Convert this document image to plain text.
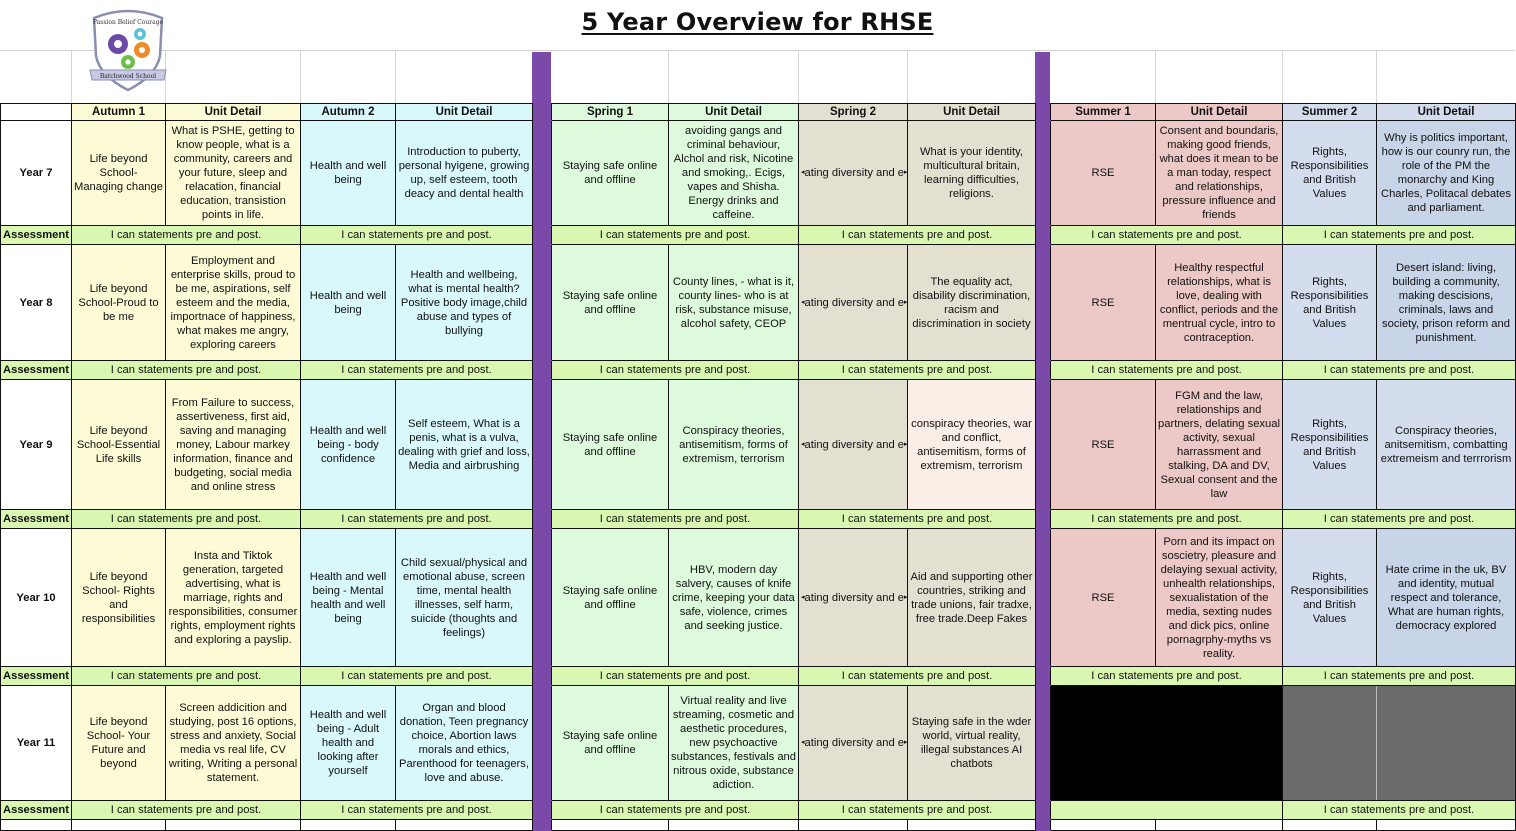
5 Year Overview for RHSE
Passion Belief Courage
Batchwood School
	Autumn 1	Unit Detail	Autumn 2	Unit Detail		Spring 1	Unit Detail	Spring 2	Unit Detail		Summer 1	Unit Detail	Summer 2	Unit Detail
Year 7	Life beyond School- Managing change	What is PSHE, getting to know people, what is a community, careers and your future, sleep and relacation, financial education, transistion points in life.	Health and well being	Introduction to puberty, personal hyigene, growing up, self esteem, tooth deacy and dental health		Staying safe online and offline	avoiding gangs and criminal behaviour, Alchol and risk, Nicotine and smoking,. Ecigs, vapes and Shisha. Energy drinks and caffeine.	◂ ating diversity and e ▸	What is your identity, multicultural britain, learning difficulties, religions.		RSE	Consent and boundaris, making good friends, what does it mean to be a man today, respect and relationships, pressure influence and friends	Rights, Responsibilities and British Values	Why is politics important, how is our counry run, the role of the PM the monarchy and King Charles, Politacal debates and parliament.
Assessment	I can statements pre and post.		I can statements pre and post.			I can statements pre and post.		I can statements pre and post.			I can statements pre and post.		I can statements pre and post.	
Year 8	Life beyond School-Proud to be me	Employment and enterprise skills, proud to be me, aspirations, self esteem and the media, importnace of happiness, what makes me angry, exploring careers	Health and well being	Health and wellbeing, what is mental health? Positive body image,child abuse and types of bullying		Staying safe online and offline	County lines, - what is it, county lines- who is at risk, substance misuse, alcohol safety, CEOP	◂ ating diversity and e ▸	The equality act, disability discrimination, racism and discrimination in society		RSE	Healthy respectful relationships, what is love, dealing with conflict, periods and the mentrual cycle, intro to contraception.	Rights, Responsibilities and British Values	Desert island: living, building a community, making descisions, criminals, laws and society, prison reform and punishment.
Assessment	I can statements pre and post.		I can statements pre and post.			I can statements pre and post.		I can statements pre and post.			I can statements pre and post.		I can statements pre and post.	
Year 9	Life beyond School-Essential Life skills	From Failure to success, assertiveness, first aid, saving and managing money, Labour markey information, finance and budgeting, social media and online stress	Health and well being - body confidence	Self esteem, What is a penis, what is a vulva, dealing with grief and loss, Media and airbrushing		Staying safe online and offline	Conspiracy theories, antisemitism, forms of extremism, terrorism	◂ ating diversity and e ▸	conspiracy theories, war and conflict, antisemitism, forms of extremism, terrorism		RSE	FGM and the law, relationships and partners, delating sexual activity, sexual harrassment and stalking, DA and DV, Sexual consent and the law	Rights, Responsibilities and British Values	Conspiracy theories, anitsemitism, combatting extremeism and terrrorism
Assessment	I can statements pre and post.		I can statements pre and post.			I can statements pre and post.		I can statements pre and post.			I can statements pre and post.		I can statements pre and post.	
Year 10	Life beyond School- Rights and responsibilities	Insta and Tiktok generation, targeted advertising, what is marriage, rights and responsibilities, consumer rights, employment rights and exploring a payslip.	Health and well being - Mental health and well being	Child sexual/physical and emotional abuse, screen time, mental health illnesses, self harm, suicide (thoughts and feelings)		Staying safe online and offline	HBV, modern day salvery, causes of knife crime, keeping your data safe, violence, crimes and seeking justice.	◂ ating diversity and e ▸	Aid and supporting other countries, striking and trade unions, fair tradxe, free trade.Deep Fakes		RSE	Porn and its impact on soscietry, pleasure and delaying sexual activity, unhealth relationships, sexualistation of the media, sexting nudes and dick pics, online pornagrphy-myths vs reality.	Rights, Responsibilities and British Values	Hate crime in the uk, BV and identity, mutual respect and tolerance, What are human rights, democracy explored
Assessment	I can statements pre and post.		I can statements pre and post.			I can statements pre and post.		I can statements pre and post.			I can statements pre and post.		I can statements pre and post.	
Year 11	Life beyond School- Your Future and beyond	Screen addicition and studying, post 16 options, stress and anxiety, Social media vs real life, CV writing, Writing a personal statement.	Health and well being - Adult health and looking after yourself	Organ and blood donation, Teen pregnancy choice, Abortion laws morals and ethics, Parenthood for teenagers, love and abuse.		Staying safe online and offline	Virtual reality and live streaming, cosmetic and aesthetic procedures, new psychoactive substances, festivals and nitrous oxide, substance adiction.	◂ ating diversity and e ▸	Staying safe in the wder world, virtual reality, illegal substances AI chatbots					
Assessment	I can statements pre and post.		I can statements pre and post.			I can statements pre and post.		I can statements pre and post.					I can statements pre and post.	
